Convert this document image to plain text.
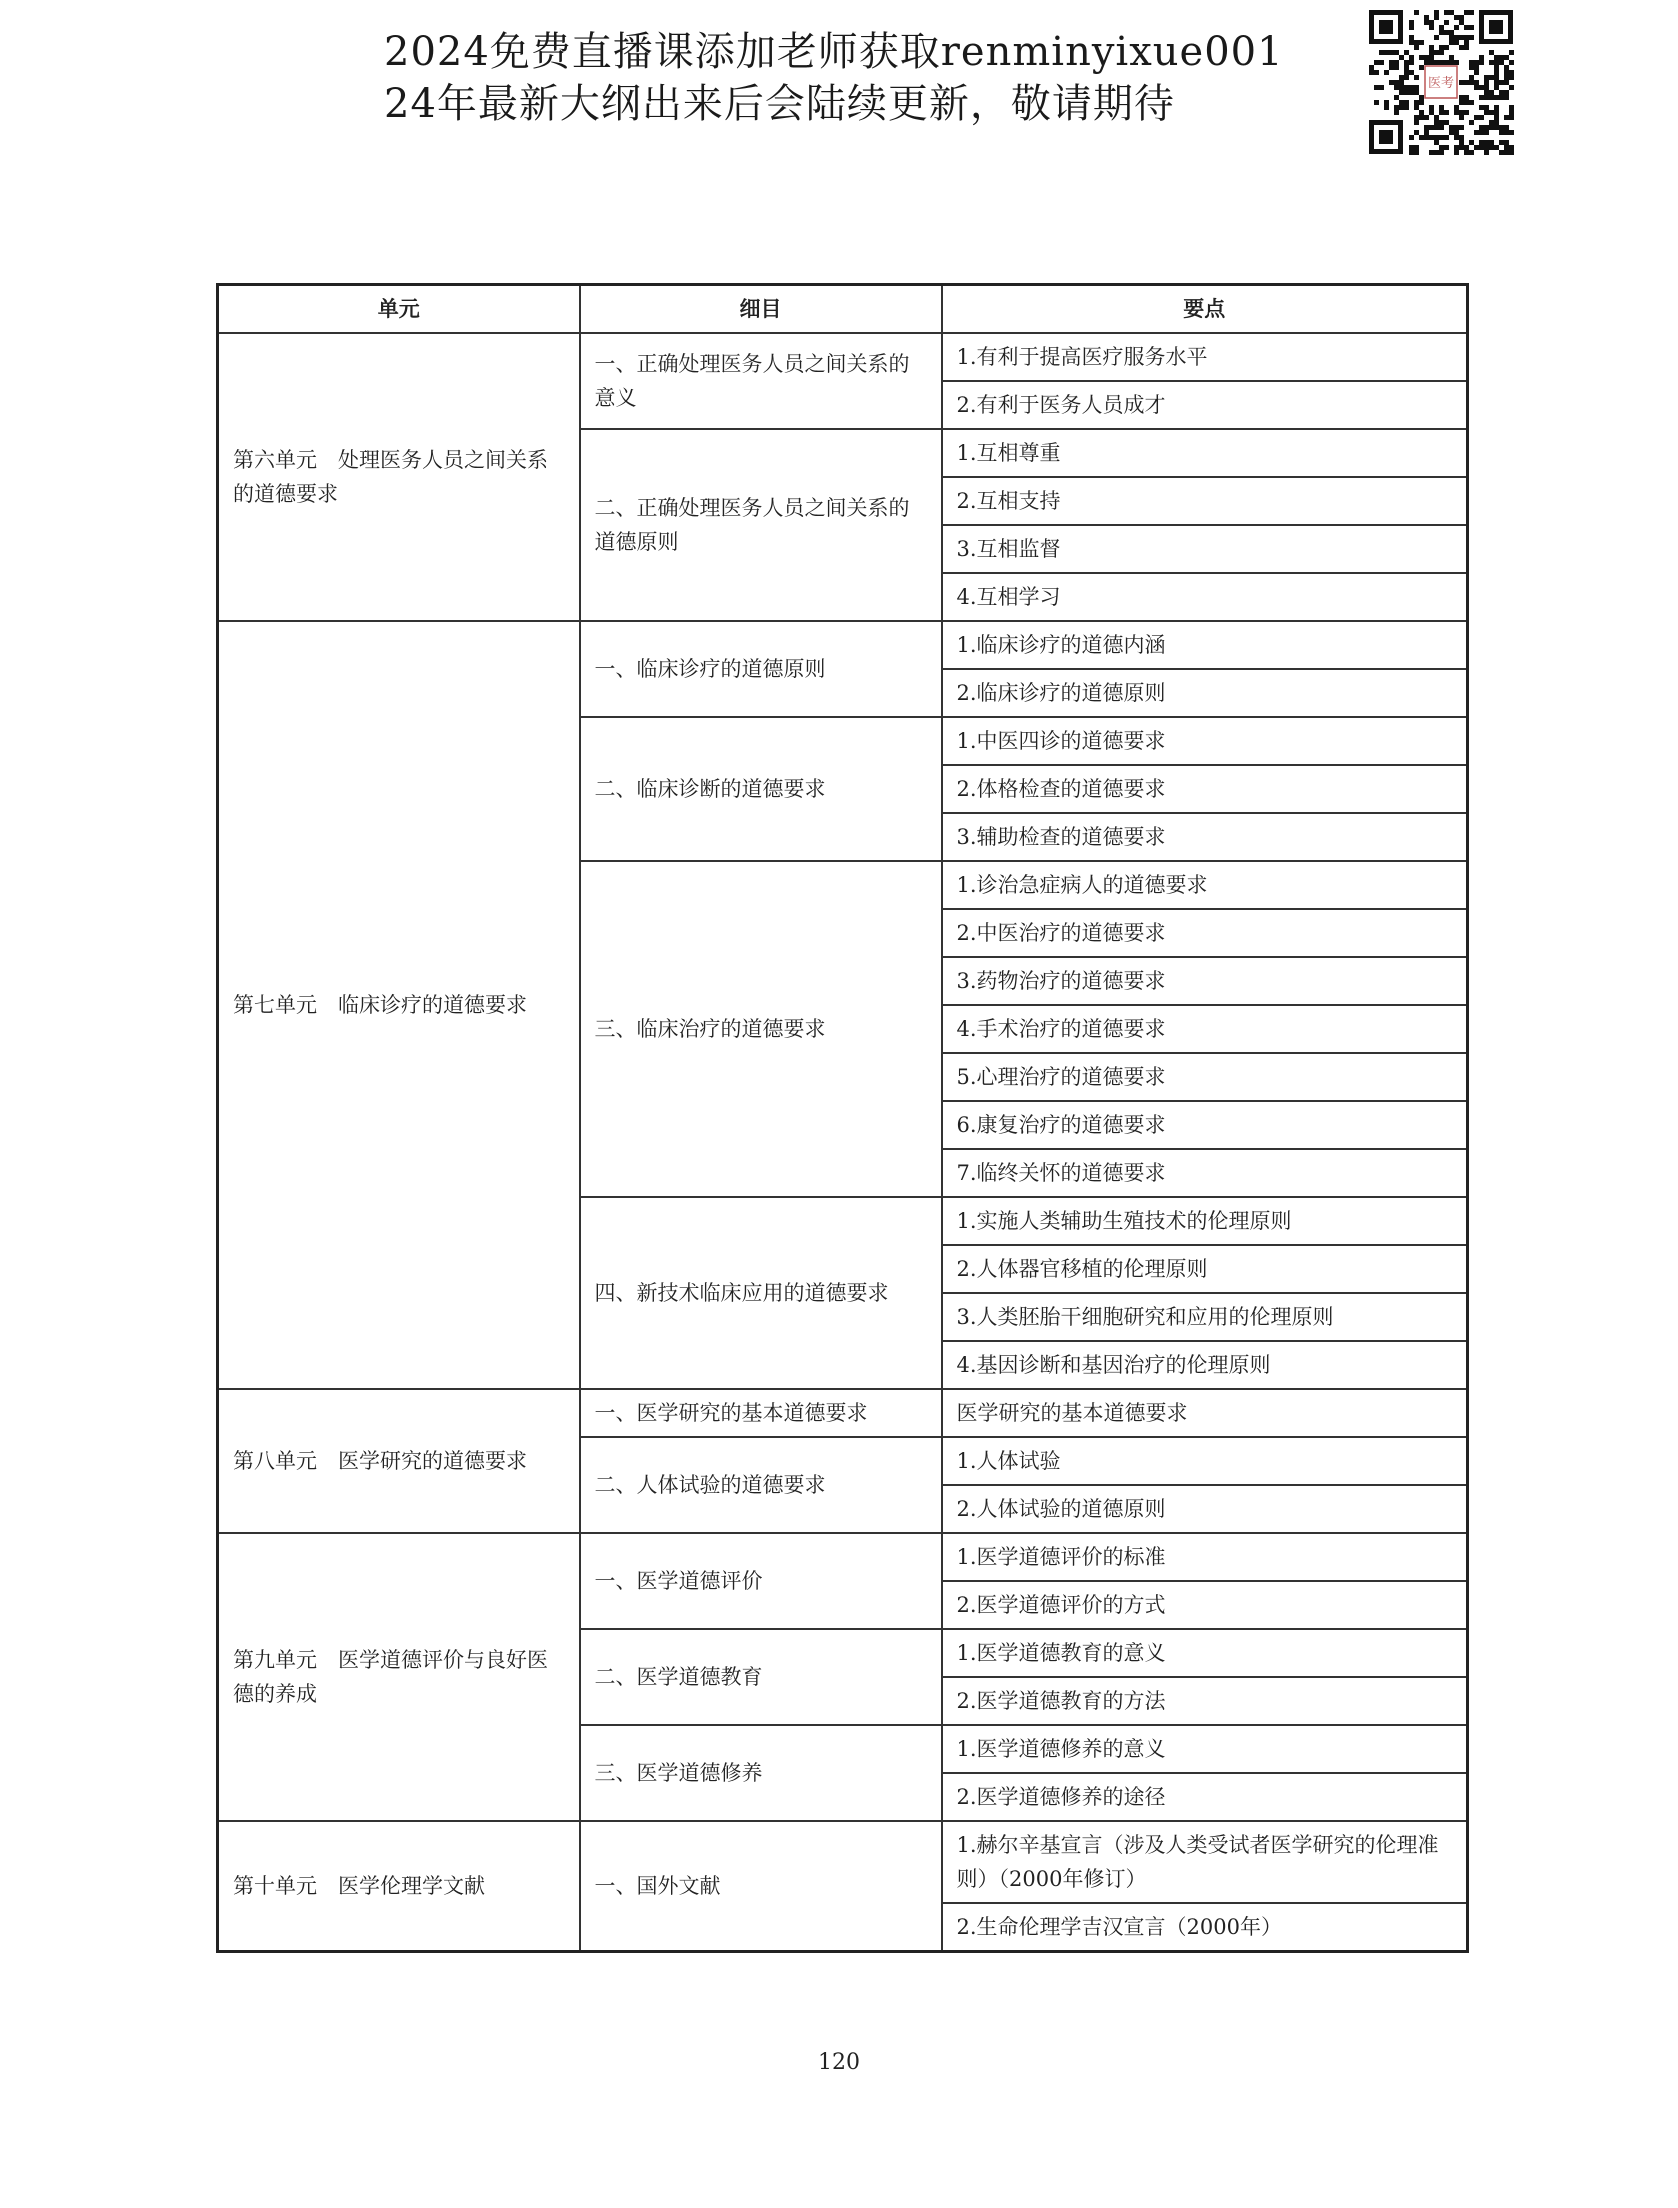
2024免费直播课添加老师获取renminyixue001
24年最新大纲出来后会陆续更新，敬请期待	医考
单元	细目	要点
第六单元　处理医务人员之间关系的道德要求	一、正确处理医务人员之间关系的意义	1.有利于提高医疗服务水平
		2.有利于医务人员成才
	二、正确处理医务人员之间关系的道德原则	1.互相尊重
		2.互相支持
		3.互相监督
		4.互相学习
第七单元　临床诊疗的道德要求	一、临床诊疗的道德原则	1.临床诊疗的道德内涵
		2.临床诊疗的道德原则
	二、临床诊断的道德要求	1.中医四诊的道德要求
		2.体格检查的道德要求
		3.辅助检查的道德要求
	三、临床治疗的道德要求	1.诊治急症病人的道德要求
		2.中医治疗的道德要求
		3.药物治疗的道德要求
		4.手术治疗的道德要求
		5.心理治疗的道德要求
		6.康复治疗的道德要求
		7.临终关怀的道德要求
	四、新技术临床应用的道德要求	1.实施人类辅助生殖技术的伦理原则
		2.人体器官移植的伦理原则
		3.人类胚胎干细胞研究和应用的伦理原则
		4.基因诊断和基因治疗的伦理原则
第八单元　医学研究的道德要求	一、医学研究的基本道德要求	医学研究的基本道德要求
	二、人体试验的道德要求	1.人体试验
		2.人体试验的道德原则
第九单元　医学道德评价与良好医德的养成	一、医学道德评价	1.医学道德评价的标准
		2.医学道德评价的方式
	二、医学道德教育	1.医学道德教育的意义
		2.医学道德教育的方法
	三、医学道德修养	1.医学道德修养的意义
		2.医学道德修养的途径
第十单元　医学伦理学文献	一、国外文献	1.赫尔辛基宣言（涉及人类受试者医学研究的伦理准则）（2000年修订）
		2.生命伦理学吉汉宣言（2000年）
120
